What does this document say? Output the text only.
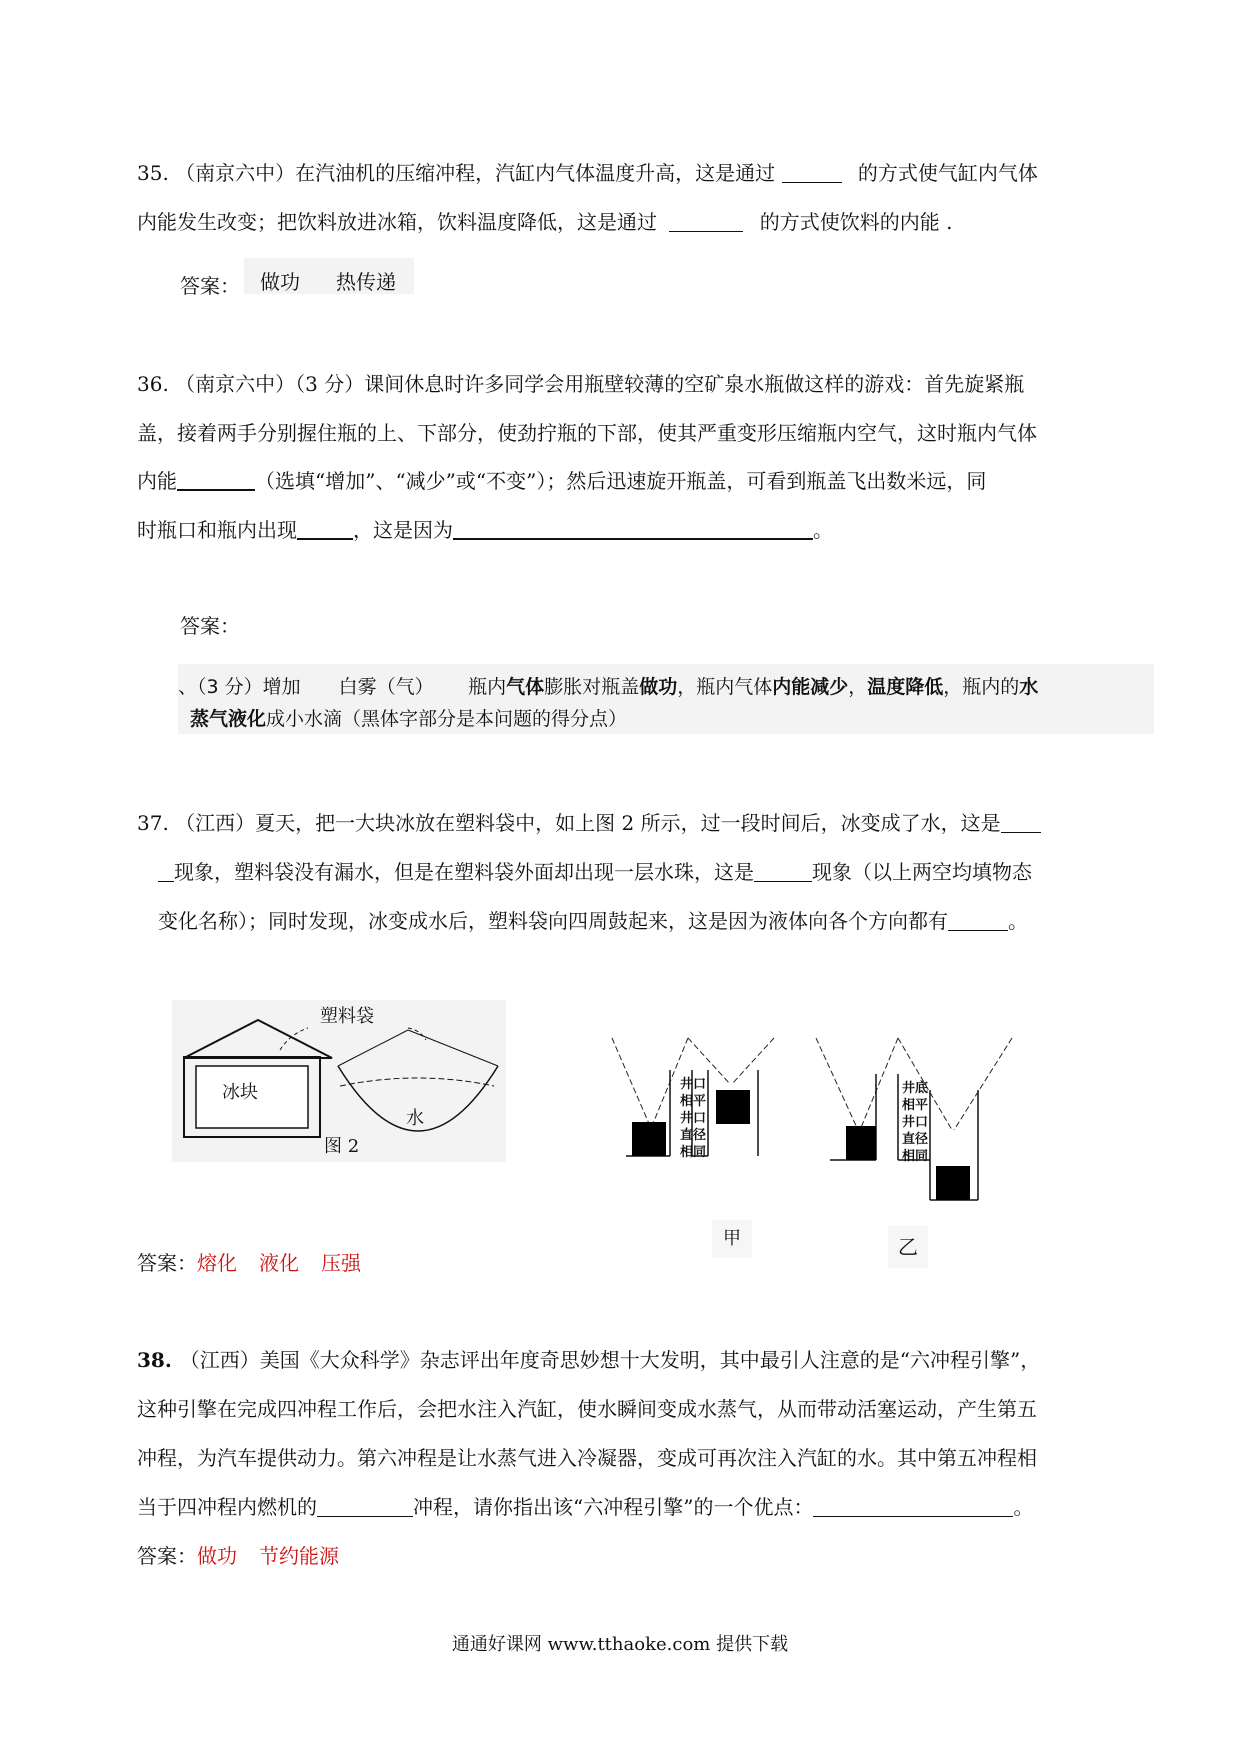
35. （南京六中）在汽油机的压缩冲程，汽缸内气体温度升高，这是通过	的方式使气缸内气体
内能发生改变；把饮料放进冰箱，饮料温度降低，这是通过	的方式使饮料的内能 .
答案： 做功 热传递
36. （南京六中）（3 分）课间休息时许多同学会用瓶壁较薄的空矿泉水瓶做这样的游戏：首先旋紧瓶
盖，接着两手分别握住瓶的上、下部分，使劲拧瓶的下部，使其严重变形压缩瓶内空气，这时瓶内气体
内能	（选填“增加”、“减少”或“不变”）；然后迅速旋开瓶盖，可看到瓶盖飞出数米远，同
时瓶口和瓶内出现	，这是因为	。
答案：
、（3 分）增加　　白雾（气）　　 瓶内气体膨胀对瓶盖做功，瓶内气体内能减少，温度降低，瓶内的水
蒸气液化成小水滴（黑体字部分是本问题的得分点）
37. （江西）夏天，把一大块冰放在塑料袋中，如上图 2 所示，过一段时间后，冰变成了水，这是
现象，塑料袋没有漏水，但是在塑料袋外面却出现一层水珠，这是	现象（以上两空均填物态
变化名称）；同时发现，冰变成水后，塑料袋向四周鼓起来，这是因为液体向各个方向都有	。
塑料袋
冰块
水
图 2
井口
相平
井口
直径
相同
甲
井底
相平
井口
直径
相同
乙
答案：熔化 液化 压强
38. （江西）美国《大众科学》杂志评出年度奇思妙想十大发明，其中最引人注意的是“六冲程引擎”，
这种引擎在完成四冲程工作后，会把水注入汽缸，使水瞬间变成水蒸气，从而带动活塞运动，产生第五
冲程，为汽车提供动力。第六冲程是让水蒸气进入冷凝器，变成可再次注入汽缸的水。其中第五冲程相
当于四冲程内燃机的	冲程，请你指出该“六冲程引擎”的一个优点：	。
答案：做功 节约能源
通通好课网 www.tthaoke.com 提供下载
